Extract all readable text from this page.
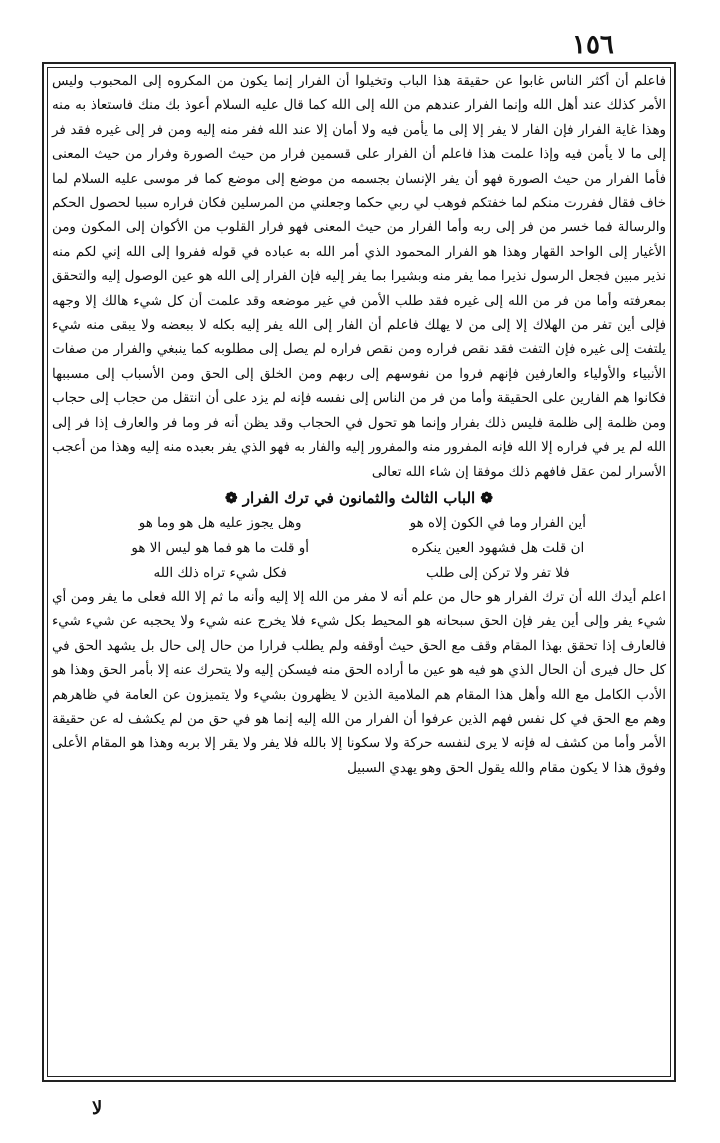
١٥٦

فاعلم أن أكثر الناس غابوا عن حقيقة هذا الباب وتخيلوا أن الفرار إنما يكون من المكروه إلى المحبوب وليس الأمر كذلك عند أهل الله وإنما الفرار عندهم من الله إلى الله كما قال عليه السلام أعوذ بك منك فاستعاذ به منه وهذا غاية الفرار فإن الفار لا يفر إلا إلى ما يأمن فيه ولا أمان إلا عند الله ففر منه إليه ومن فر إلى غيره فقد فر إلى ما لا يأمن فيه وإذا علمت هذا فاعلم أن الفرار على قسمين فرار من حيث الصورة وفرار من حيث المعنى فأما الفرار من حيث الصورة فهو أن يفر الإنسان بجسمه من موضع إلى موضع كما فر موسى عليه السلام لما خاف فقال ففررت منكم لما خفتكم فوهب لي ربي حكما وجعلني من المرسلين فكان فراره سببا لحصول الحكم والرسالة فما خسر من فر إلى ربه وأما الفرار من حيث المعنى فهو فرار القلوب من الأكوان إلى المكون ومن الأغيار إلى الواحد القهار وهذا هو الفرار المحمود الذي أمر الله به عباده في قوله ففروا إلى الله إني لكم منه نذير مبين فجعل الرسول نذيرا مما يفر منه وبشيرا بما يفر إليه فإن الفرار إلى الله هو عين الوصول إليه والتحقق بمعرفته وأما من فر من الله إلى غيره فقد طلب الأمن في غير موضعه وقد علمت أن كل شيء هالك إلا وجهه فإلى أين تفر من الهلاك إلا إلى من لا يهلك فاعلم أن الفار إلى الله يفر إليه بكله لا ببعضه ولا يبقى منه شيء يلتفت إلى غيره فإن التفت فقد نقص فراره ومن نقص فراره لم يصل إلى مطلوبه كما ينبغي والفرار من صفات الأنبياء والأولياء والعارفين فإنهم فروا من نفوسهم إلى ربهم ومن الخلق إلى الحق ومن الأسباب إلى مسببها فكانوا هم الفارين على الحقيقة وأما من فر من الناس إلى نفسه فإنه لم يزد على أن انتقل من حجاب إلى حجاب ومن ظلمة إلى ظلمة فليس ذلك بفرار وإنما هو تحول في الحجاب وقد يظن أنه فر وما فر والعارف إذا فر إلى الله لم ير في فراره إلا الله فإنه المفرور منه والمفرور إليه والفار به فهو الذي يفر بعبده منه إليه وهذا من أعجب الأسرار لمن عقل فافهم ذلك موفقا إن شاء الله تعالى

❁ الباب الثالث والثمانون في ترك الفرار ❁

أين الفرار وما في الكون إلاه هو
وهل يجوز عليه هل هو وما هو
ان قلت هل فشهود العين ينكره
أو قلت ما هو فما هو ليس الا هو
فلا تفر ولا تركن إلى طلب
فكل شيء تراه ذلك الله

اعلم أيدك الله أن ترك الفرار هو حال من علم أنه لا مفر من الله إلا إليه وأنه ما ثم إلا الله فعلى ما يفر ومن أي شيء يفر وإلى أين يفر فإن الحق سبحانه هو المحيط بكل شيء فلا يخرج عنه شيء ولا يحجبه عن شيء شيء فالعارف إذا تحقق بهذا المقام وقف مع الحق حيث أوقفه ولم يطلب فرارا من حال إلى حال بل يشهد الحق في كل حال فيرى أن الحال الذي هو فيه هو عين ما أراده الحق منه فيسكن إليه ولا يتحرك عنه إلا بأمر الحق وهذا هو الأدب الكامل مع الله وأهل هذا المقام هم الملامية الذين لا يظهرون بشيء ولا يتميزون عن العامة في ظاهرهم وهم مع الحق في كل نفس فهم الذين عرفوا أن الفرار من الله إليه إنما هو في حق من لم يكشف له عن حقيقة الأمر وأما من كشف له فإنه لا يرى لنفسه حركة ولا سكونا إلا بالله فلا يفر ولا يقر إلا بربه وهذا هو المقام الأعلى وفوق هذا لا يكون مقام والله يقول الحق وهو يهدي السبيل

لا
